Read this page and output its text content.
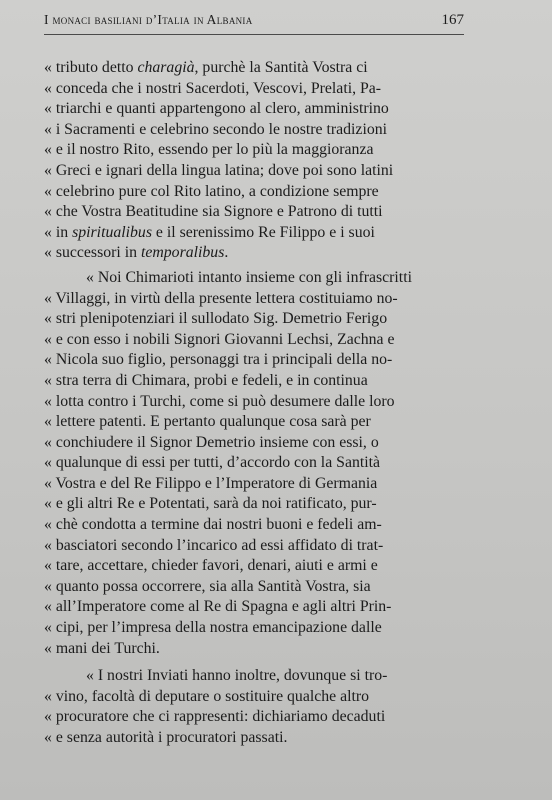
I monaci basiliani d’Italia in Albania	167
« tributo detto charagià, purchè la Santità Vostra ci
« conceda che i nostri Sacerdoti, Vescovi, Prelati, Pa-
« triarchi e quanti appartengono al clero, amministrino
« i Sacramenti e celebrino secondo le nostre tradizioni
« e il nostro Rito, essendo per lo più la maggioranza
« Greci e ignari della lingua latina; dove poi sono latini
« celebrino pure col Rito latino, a condizione sempre
« che Vostra Beatitudine sia Signore e Patrono di tutti
« in spiritualibus e il serenissimo Re Filippo e i suoi
« successori in temporalibus.
« Noi Chimarioti intanto insieme con gli infrascritti
« Villaggi, in virtù della presente lettera costituiamo no-
« stri plenipotenziari il sullodato Sig. Demetrio Ferigo
« e con esso i nobili Signori Giovanni Lechsi, Zachna e
« Nicola suo figlio, personaggi tra i principali della no-
« stra terra di Chimara, probi e fedeli, e in continua
« lotta contro i Turchi, come si può desumere dalle loro
« lettere patenti. E pertanto qualunque cosa sarà per
« conchiudere il Signor Demetrio insieme con essi, o
« qualunque di essi per tutti, d’accordo con la Santità
« Vostra e del Re Filippo e l’Imperatore di Germania
« e gli altri Re e Potentati, sarà da noi ratificato, pur-
« chè condotta a termine dai nostri buoni e fedeli am-
« basciatori secondo l’incarico ad essi affidato di trat-
« tare, accettare, chieder favori, denari, aiuti e armi e
« quanto possa occorrere, sia alla Santità Vostra, sia
« all’Imperatore come al Re di Spagna e agli altri Prin-
« cipi, per l’impresa della nostra emancipazione dalle
« mani dei Turchi.
« I nostri Inviati hanno inoltre, dovunque si tro-
« vino, facoltà di deputare o sostituire qualche altro
« procuratore che ci rappresenti: dichiariamo decaduti
« e senza autorità i procuratori passati.
